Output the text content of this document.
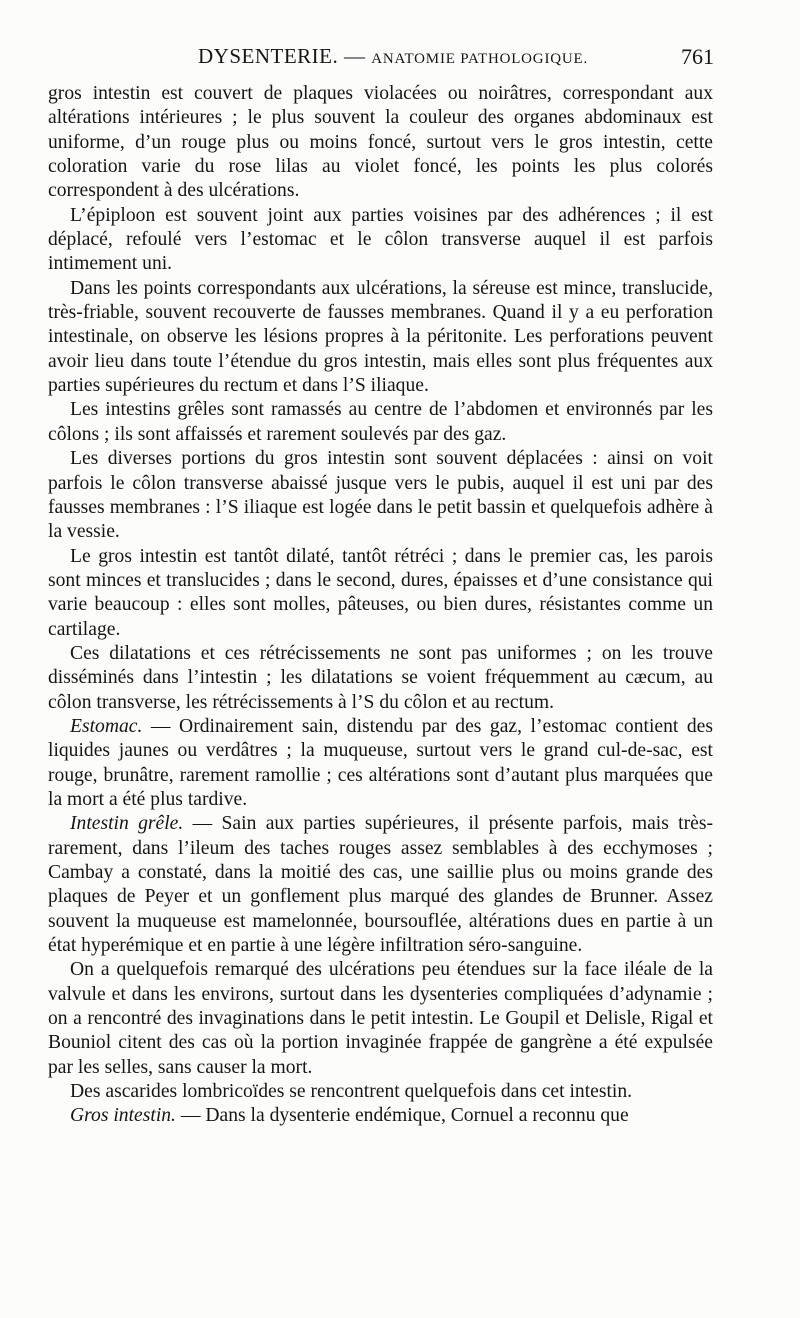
DYSENTERIE. — ANATOMIE PATHOLOGIQUE.	761

gros intestin est couvert de plaques violacées ou noirâtres, correspondant aux altérations intérieures ; le plus souvent la couleur des organes abdominaux est uniforme, d’un rouge plus ou moins foncé, surtout vers le gros intestin, cette coloration varie du rose lilas au violet foncé, les points les plus colorés correspondent à des ulcérations.

L’épiploon est souvent joint aux parties voisines par des adhérences ; il est déplacé, refoulé vers l’estomac et le côlon transverse auquel il est parfois intimement uni.

Dans les points correspondants aux ulcérations, la séreuse est mince, translucide, très-friable, souvent recouverte de fausses membranes. Quand il y a eu perforation intestinale, on observe les lésions propres à la péritonite. Les perforations peuvent avoir lieu dans toute l’étendue du gros intestin, mais elles sont plus fréquentes aux parties supérieures du rectum et dans l’S iliaque.

Les intestins grêles sont ramassés au centre de l’abdomen et environnés par les côlons ; ils sont affaissés et rarement soulevés par des gaz.

Les diverses portions du gros intestin sont souvent déplacées : ainsi on voit parfois le côlon transverse abaissé jusque vers le pubis, auquel il est uni par des fausses membranes : l’S iliaque est logée dans le petit bassin et quelquefois adhère à la vessie.

Le gros intestin est tantôt dilaté, tantôt rétréci ; dans le premier cas, les parois sont minces et translucides ; dans le second, dures, épaisses et d’une consistance qui varie beaucoup : elles sont molles, pâteuses, ou bien dures, résistantes comme un cartilage.

Ces dilatations et ces rétrécissements ne sont pas uniformes ; on les trouve disséminés dans l’intestin ; les dilatations se voient fréquemment au cæcum, au côlon transverse, les rétrécissements à l’S du côlon et au rectum.

Estomac. — Ordinairement sain, distendu par des gaz, l’estomac contient des liquides jaunes ou verdâtres ; la muqueuse, surtout vers le grand cul-de-sac, est rouge, brunâtre, rarement ramollie ; ces altérations sont d’autant plus marquées que la mort a été plus tardive.

Intestin grêle. — Sain aux parties supérieures, il présente parfois, mais très-rarement, dans l’ileum des taches rouges assez semblables à des ecchymoses ; Cambay a constaté, dans la moitié des cas, une saillie plus ou moins grande des plaques de Peyer et un gonflement plus marqué des glandes de Brunner. Assez souvent la muqueuse est mamelonnée, boursouflée, altérations dues en partie à un état hyperémique et en partie à une légère infiltration séro-sanguine.

On a quelquefois remarqué des ulcérations peu étendues sur la face iléale de la valvule et dans les environs, surtout dans les dysenteries compliquées d’adynamie ; on a rencontré des invaginations dans le petit intestin. Le Goupil et Delisle, Rigal et Bouniol citent des cas où la portion invaginée frappée de gangrène a été expulsée par les selles, sans causer la mort.

Des ascarides lombricoïdes se rencontrent quelquefois dans cet intestin.

Gros intestin. — Dans la dysenterie endémique, Cornuel a reconnu que
